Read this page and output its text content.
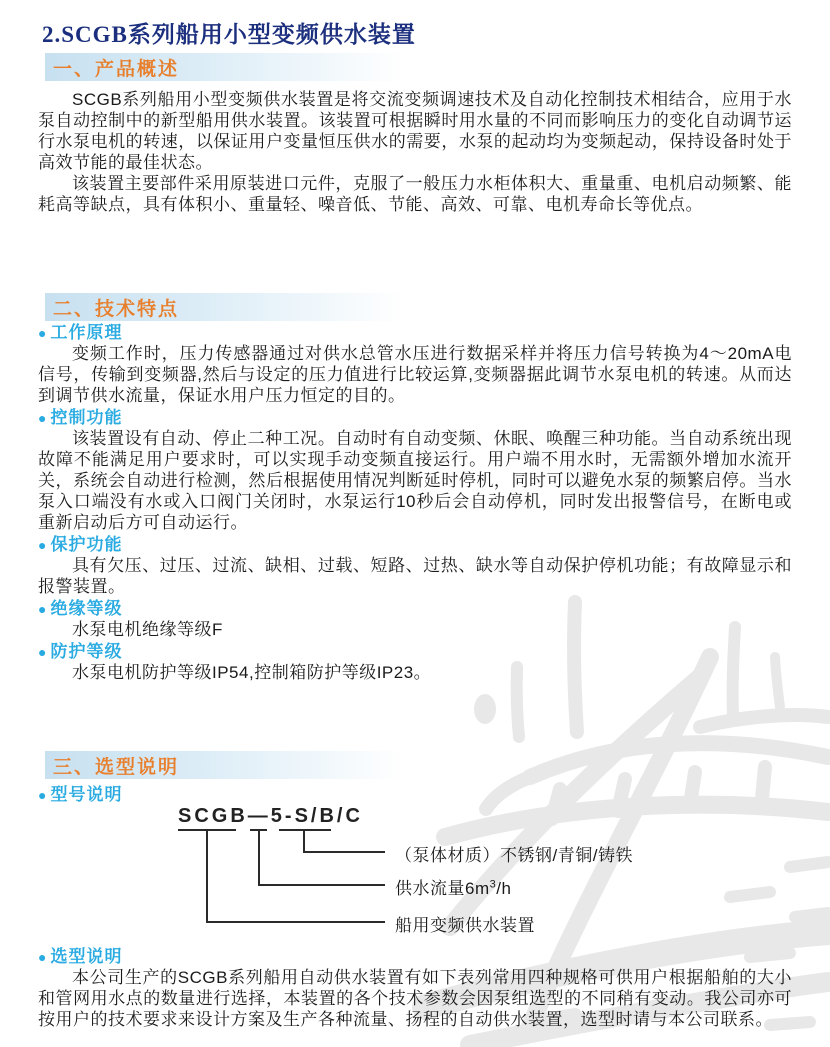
2.SCGB系列船用小型变频供水装置
一、产品概述

SCGB系列船用小型变频供水装置是将交流变频调速技术及自动化控制技术相结合，应用于水泵自动控制中的新型船用供水装置。该装置可根据瞬时用水量的不同而影响压力的变化自动调节运行水泵电机的转速，以保证用户变量恒压供水的需要，水泵的起动均为变频起动，保持设备时处于高效节能的最佳状态。

该装置主要部件采用原装进口元件，克服了一般压力水柜体积大、重量重、电机启动频繁、能耗高等缺点，具有体积小、重量轻、噪音低、节能、高效、可靠、电机寿命长等优点。

二、技术特点
● 工作原理

变频工作时，压力传感器通过对供水总管水压进行数据采样并将压力信号转换为4～20mA电信号，传输到变频器,然后与设定的压力值进行比较运算,变频器据此调节水泵电机的转速。从而达到调节供水流量，保证水用户压力恒定的目的。

● 控制功能

该装置设有自动、停止二种工况。自动时有自动变频、休眠、唤醒三种功能。当自动系统出现故障不能满足用户要求时，可以实现手动变频直接运行。用户端不用水时，无需额外增加水流开关，系统会自动进行检测，然后根据使用情况判断延时停机，同时可以避免水泵的频繁启停。当水泵入口端没有水或入口阀门关闭时，水泵运行10秒后会自动停机，同时发出报警信号，在断电或重新启动后方可自动运行。

● 保护功能

具有欠压、过压、过流、缺相、过载、短路、过热、缺水等自动保护停机功能；有故障显示和报警装置。

● 绝缘等级

水泵电机绝缘等级F

● 防护等级

水泵电机防护等级IP54,控制箱防护等级IP23。

三、选型说明
● 型号说明
SCGB—5-S/B/C
（泵体材质）不锈钢/青铜/铸铁
供水流量$6m^3/h$
船用变频供水装置
● 选型说明

本公司生产的SCGB系列船用自动供水装置有如下表列常用四种规格可供用户根据船舶的大小和管网用水点的数量进行选择，本装置的各个技术参数会因泵组选型的不同稍有变动。我公司亦可按用户的技术要求来设计方案及生产各种流量、扬程的自动供水装置，选型时请与本公司联系。
